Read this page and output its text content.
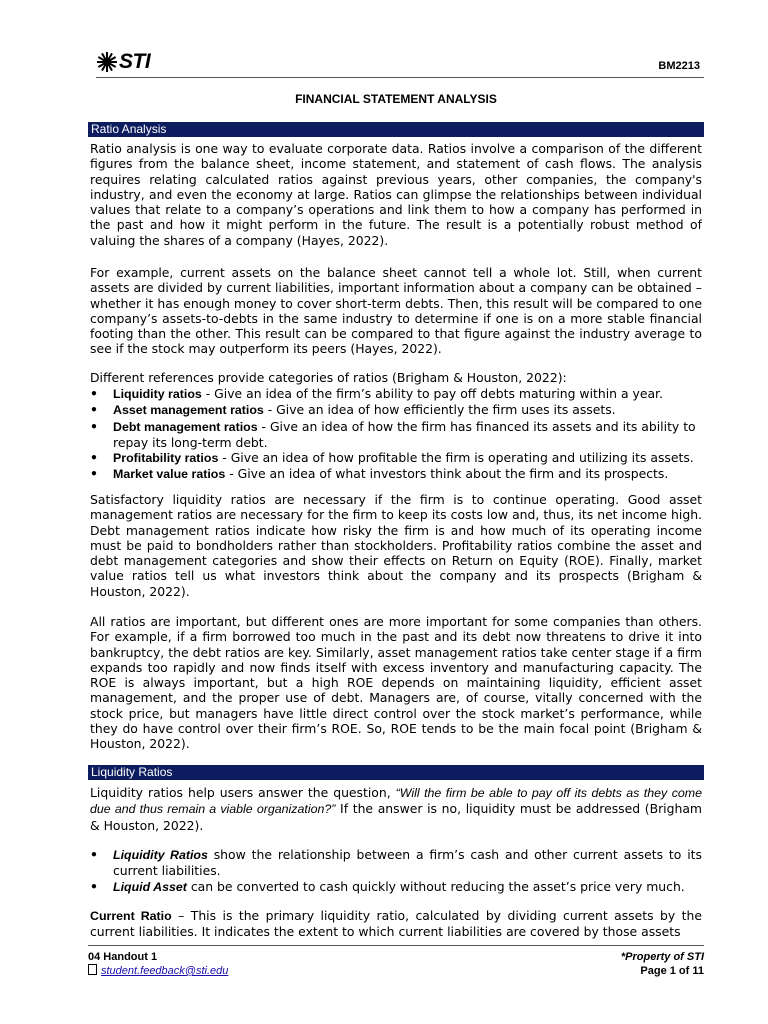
STI	BM2213
FINANCIAL STATEMENT ANALYSIS
Ratio Analysis

Ratio analysis is one way to evaluate corporate data. Ratios involve a comparison of the different figures from the balance sheet, income statement, and statement of cash flows. The analysis requires relating calculated ratios against previous years, other companies, the company's industry, and even the economy at large. Ratios can glimpse the relationships between individual values that relate to a company’s operations and link them to how a company has performed in the past and how it might perform in the future. The result is a potentially robust method of valuing the shares of a company (Hayes, 2022).

For example, current assets on the balance sheet cannot tell a whole lot. Still, when current assets are divided by current liabilities, important information about a company can be obtained –whether it has enough money to cover short-term debts. Then, this result will be compared to one company’s assets-to-debts in the same industry to determine if one is on a more stable financial footing than the other. This result can be compared to that figure against the industry average to see if the stock may outperform its peers (Hayes, 2022).

Different references provide categories of ratios (Brigham & Houston, 2022):

• Liquidity ratios - Give an idea of the firm’s ability to pay off debts maturing within a year.
• Asset management ratios - Give an idea of how efficiently the firm uses its assets.
• Debt management ratios - Give an idea of how the firm has financed its assets and its ability to repay its long-term debt.
• Profitability ratios - Give an idea of how profitable the firm is operating and utilizing its assets.
• Market value ratios - Give an idea of what investors think about the firm and its prospects.

Satisfactory liquidity ratios are necessary if the firm is to continue operating. Good asset management ratios are necessary for the firm to keep its costs low and, thus, its net income high. Debt management ratios indicate how risky the firm is and how much of its operating income must be paid to bondholders rather than stockholders. Profitability ratios combine the asset and debt management categories and show their effects on Return on Equity (ROE). Finally, market value ratios tell us what investors think about the company and its prospects (Brigham & Houston, 2022).

All ratios are important, but different ones are more important for some companies than others. For example, if a firm borrowed too much in the past and its debt now threatens to drive it into bankruptcy, the debt ratios are key. Similarly, asset management ratios take center stage if a firm expands too rapidly and now finds itself with excess inventory and manufacturing capacity. The ROE is always important, but a high ROE depends on maintaining liquidity, efficient asset management, and the proper use of debt. Managers are, of course, vitally concerned with the stock price, but managers have little direct control over the stock market’s performance, while they do have control over their firm’s ROE. So, ROE tends to be the main focal point (Brigham & Houston, 2022).

Liquidity Ratios

Liquidity ratios help users answer the question, “Will the firm be able to pay off its debts as they come due and thus remain a viable organization?” If the answer is no, liquidity must be addressed (Brigham & Houston, 2022).

• Liquidity Ratios show the relationship between a firm’s cash and other current assets to its current liabilities.
• Liquid Asset can be converted to cash quickly without reducing the asset’s price very much.

Current Ratio – This is the primary liquidity ratio, calculated by dividing current assets by the current liabilities. It indicates the extent to which current liabilities are covered by those assets

04 Handout 1
student.feedback@sti.edu
*Property of STI
Page 1 of 11
